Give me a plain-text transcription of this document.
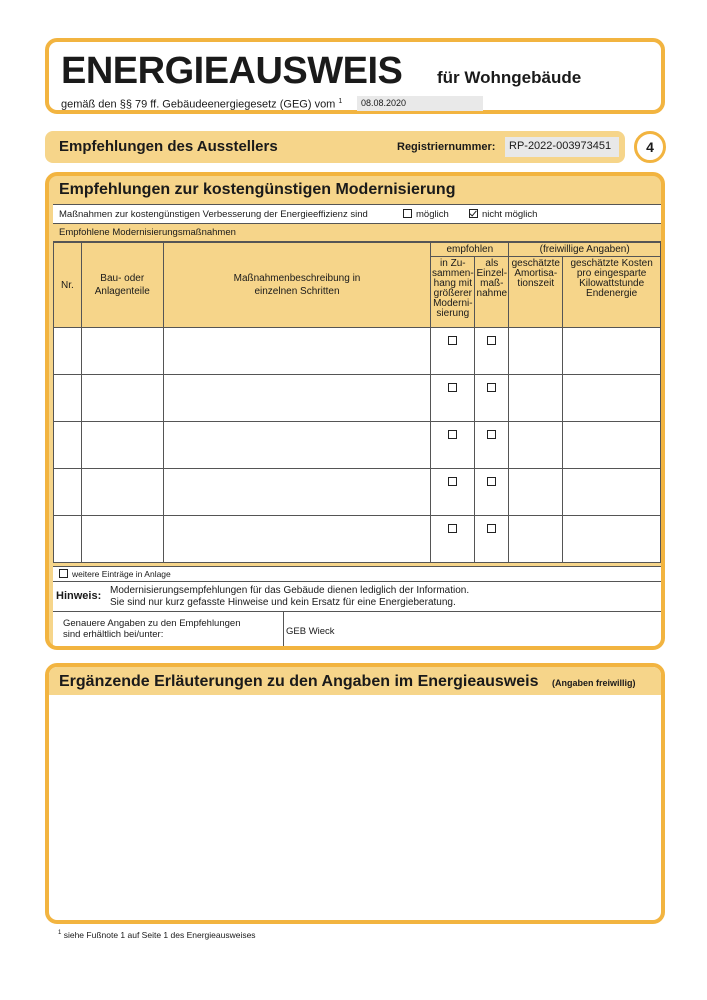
ENERGIEAUSWEIS für Wohngebäude
gemäß den §§ 79 ff. Gebäudeenergiegesetz (GEG) vom $^1$	08.08.2020
Empfehlungen des Ausstellers	Registriernummer:	RP-2022-003973451	4
Empfehlungen zur kostengünstigen Modernisierung
Maßnahmen zur kostengünstigen Verbesserung der Energieeffizienz sind	möglich	nicht möglich
Empfohlene Modernisierungsmaßnahmen
Nr.	Bau- oder Anlagenteile	Maßnahmenbeschreibung in einzelnen Schritten	empfohlen		(freiwillige Angaben)	
			in Zu-sammen-hang mit größerer Moderni-sierung	als Einzel-maß-nahme	geschätzte Amortisa-tionszeit	geschätzte Kosten pro eingesparte Kilowattstunde Endenergie

weitere Einträge in Anlage
Hinweis: Modernisierungsempfehlungen für das Gebäude dienen lediglich der Information.
Sie sind nur kurz gefasste Hinweise und kein Ersatz für eine Energieberatung.
Genauere Angaben zu den Empfehlungen
sind erhältlich bei/unter:	GEB Wieck
Ergänzende Erläuterungen zu den Angaben im Energieausweis (Angaben freiwillig)
$^1$ siehe Fußnote 1 auf Seite 1 des Energieausweises
